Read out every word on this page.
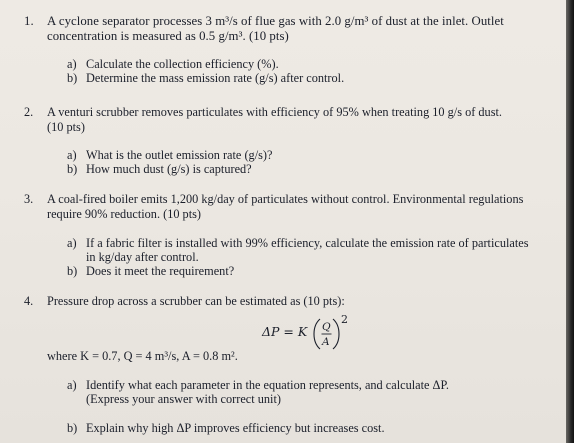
1. A cyclone separator processes 3 m³/s of flue gas with 2.0 g/m³ of dust at the inlet. Outlet
concentration is measured as 0.5 g/m³. (10 pts)
a) Calculate the collection efficiency (%).
b) Determine the mass emission rate (g/s) after control.
2. A venturi scrubber removes particulates with efficiency of 95% when treating 10 g/s of dust.
(10 pts)
a) What is the outlet emission rate (g/s)?
b) How much dust (g/s) is captured?
3. A coal-fired boiler emits 1,200 kg/day of particulates without control. Environmental regulations
require 90% reduction. (10 pts)
a) If a fabric filter is installed with 99% efficiency, calculate the emission rate of particulates
in kg/day after control.
b) Does it meet the requirement?
4. Pressure drop across a scrubber can be estimated as (10 pts):
ΔP = K Q
A
2
where K = 0.7, Q = 4 m³/s, A = 0.8 m².
a) Identify what each parameter in the equation represents, and calculate ΔP.
(Express your answer with correct unit)
b) Explain why high ΔP improves efficiency but increases cost.
